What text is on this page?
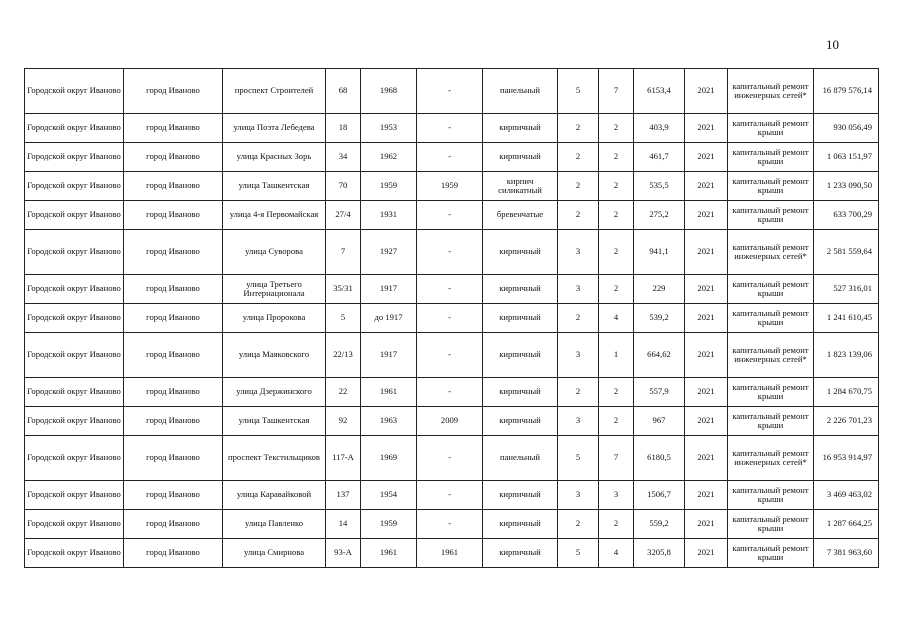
10
Городской округ Иваново	город Иваново	проспект Строителей	68	1968	-	панельный	5	7	6153,4	2021	капитальный ремонт инженерных сетей*	16 879 576,14
Городской округ Иваново	город Иваново	улица Поэта Лебедева	18	1953	-	кирпичный	2	2	403,9	2021	капитальный ремонт крыши	930 056,49
Городской округ Иваново	город Иваново	улица Красных Зорь	34	1962	-	кирпичный	2	2	461,7	2021	капитальный ремонт крыши	1 063 151,97
Городской округ Иваново	город Иваново	улица Ташкентская	70	1959	1959	кирпич силикатный	2	2	535,5	2021	капитальный ремонт крыши	1 233 090,50
Городской округ Иваново	город Иваново	улица 4-я Первомайская	27/4	1931	-	бревенчатые	2	2	275,2	2021	капитальный ремонт крыши	633 700,29
Городской округ Иваново	город Иваново	улица Суворова	7	1927	-	кирпичный	3	2	941,1	2021	капитальный ремонт инженерных сетей*	2 581 559,64
Городской округ Иваново	город Иваново	улица Третьего Интернационала	35/31	1917	-	кирпичный	3	2	229	2021	капитальный ремонт крыши	527 316,01
Городской округ Иваново	город Иваново	улица Пророкова	5	до 1917	-	кирпичный	2	4	539,2	2021	капитальный ремонт крыши	1 241 610,45
Городской округ Иваново	город Иваново	улица Маяковского	22/13	1917	-	кирпичный	3	1	664,62	2021	капитальный ремонт инженерных сетей*	1 823 139,06
Городской округ Иваново	город Иваново	улица Дзержинского	22	1961	-	кирпичный	2	2	557,9	2021	капитальный ремонт крыши	1 284 670,75
Городской округ Иваново	город Иваново	улица Ташкентская	92	1963	2009	кирпичный	3	2	967	2021	капитальный ремонт крыши	2 226 701,23
Городской округ Иваново	город Иваново	проспект Текстильщиков	117-А	1969	-	панельный	5	7	6180,5	2021	капитальный ремонт инженерных сетей*	16 953 914,97
Городской округ Иваново	город Иваново	улица Каравайковой	137	1954	-	кирпичный	3	3	1506,7	2021	капитальный ремонт крыши	3 469 463,02
Городской округ Иваново	город Иваново	улица Павленко	14	1959	-	кирпичный	2	2	559,2	2021	капитальный ремонт крыши	1 287 664,25
Городской округ Иваново	город Иваново	улица Смирнова	93-А	1961	1961	кирпичный	5	4	3205,8	2021	капитальный ремонт крыши	7 381 963,60
